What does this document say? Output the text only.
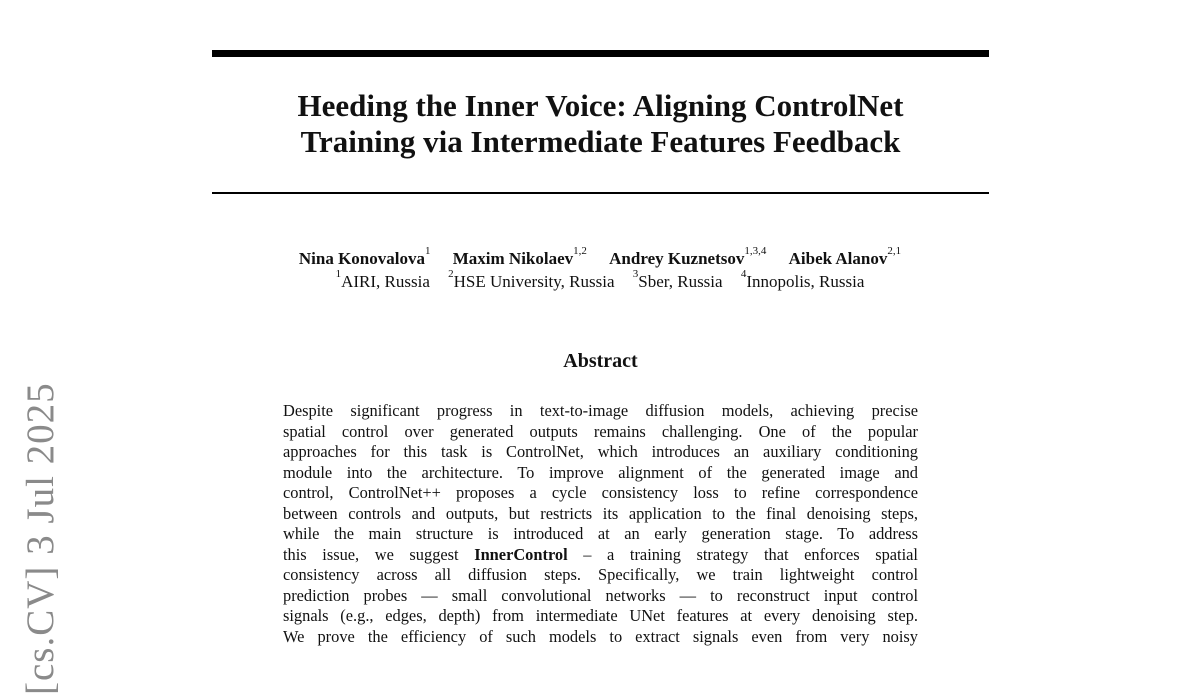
Heeding the Inner Voice: Aligning ControlNet
Training via Intermediate Features Feedback
Nina Konovalova$^1$ Maxim Nikolaev$^{1,2}$ Andrey Kuznetsov$^{1,3,4}$ Aibek Alanov$^{2,1}$
$^1$AIRI, Russia $^2$HSE University, Russia $^3$Sber, Russia $^4$Innopolis, Russia
Abstract
Despite significant progress in text-to-image diffusion models, achieving precise
spatial control over generated outputs remains challenging. One of the popular
approaches for this task is ControlNet, which introduces an auxiliary conditioning
module into the architecture. To improve alignment of the generated image and
control, ControlNet++ proposes a cycle consistency loss to refine correspondence
between controls and outputs, but restricts its application to the final denoising steps,
while the main structure is introduced at an early generation stage. To address
this issue, we suggest InnerControl – a training strategy that enforces spatial
consistency across all diffusion steps. Specifically, we train lightweight control
prediction probes — small convolutional networks — to reconstruct input control
signals (e.g., edges, depth) from intermediate UNet features at every denoising step.
We prove the efficiency of such models to extract signals even from very noisy
[cs.CV] 3 Jul 2025
